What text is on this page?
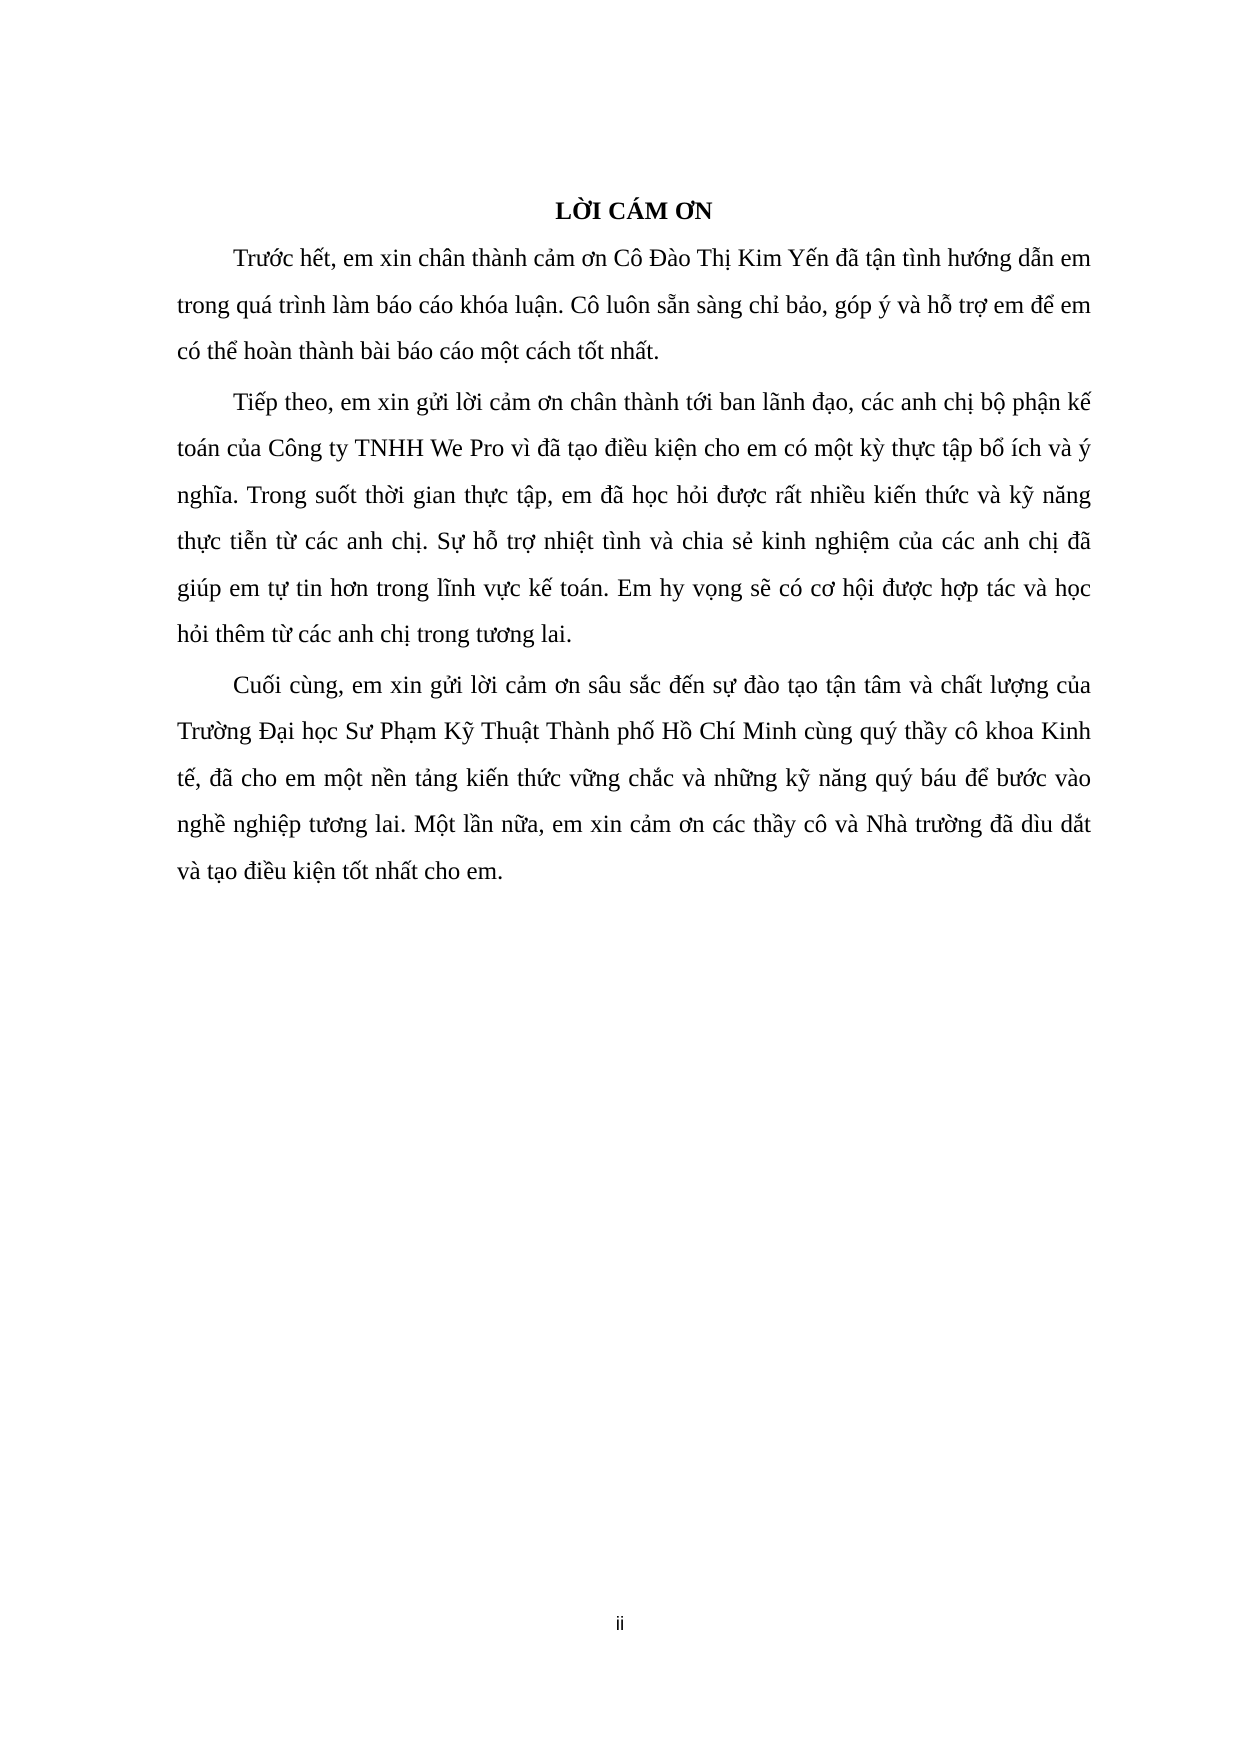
LỜI CÁM ƠN

Trước hết, em xin chân thành cảm ơn Cô Đào Thị Kim Yến đã tận tình hướng dẫn em trong quá trình làm báo cáo khóa luận. Cô luôn sẵn sàng chỉ bảo, góp ý và hỗ trợ em để em có thể hoàn thành bài báo cáo một cách tốt nhất.

Tiếp theo, em xin gửi lời cảm ơn chân thành tới ban lãnh đạo, các anh chị bộ phận kế toán của Công ty TNHH We Pro vì đã tạo điều kiện cho em có một kỳ thực tập bổ ích và ý nghĩa. Trong suốt thời gian thực tập, em đã học hỏi được rất nhiều kiến thức và kỹ năng thực tiễn từ các anh chị. Sự hỗ trợ nhiệt tình và chia sẻ kinh nghiệm của các anh chị đã giúp em tự tin hơn trong lĩnh vực kế toán. Em hy vọng sẽ có cơ hội được hợp tác và học hỏi thêm từ các anh chị trong tương lai.

Cuối cùng, em xin gửi lời cảm ơn sâu sắc đến sự đào tạo tận tâm và chất lượng của Trường Đại học Sư Phạm Kỹ Thuật Thành phố Hồ Chí Minh cùng quý thầy cô khoa Kinh tế, đã cho em một nền tảng kiến thức vững chắc và những kỹ năng quý báu để bước vào nghề nghiệp tương lai. Một lần nữa, em xin cảm ơn các thầy cô và Nhà trường đã dìu dắt và tạo điều kiện tốt nhất cho em.

ii
